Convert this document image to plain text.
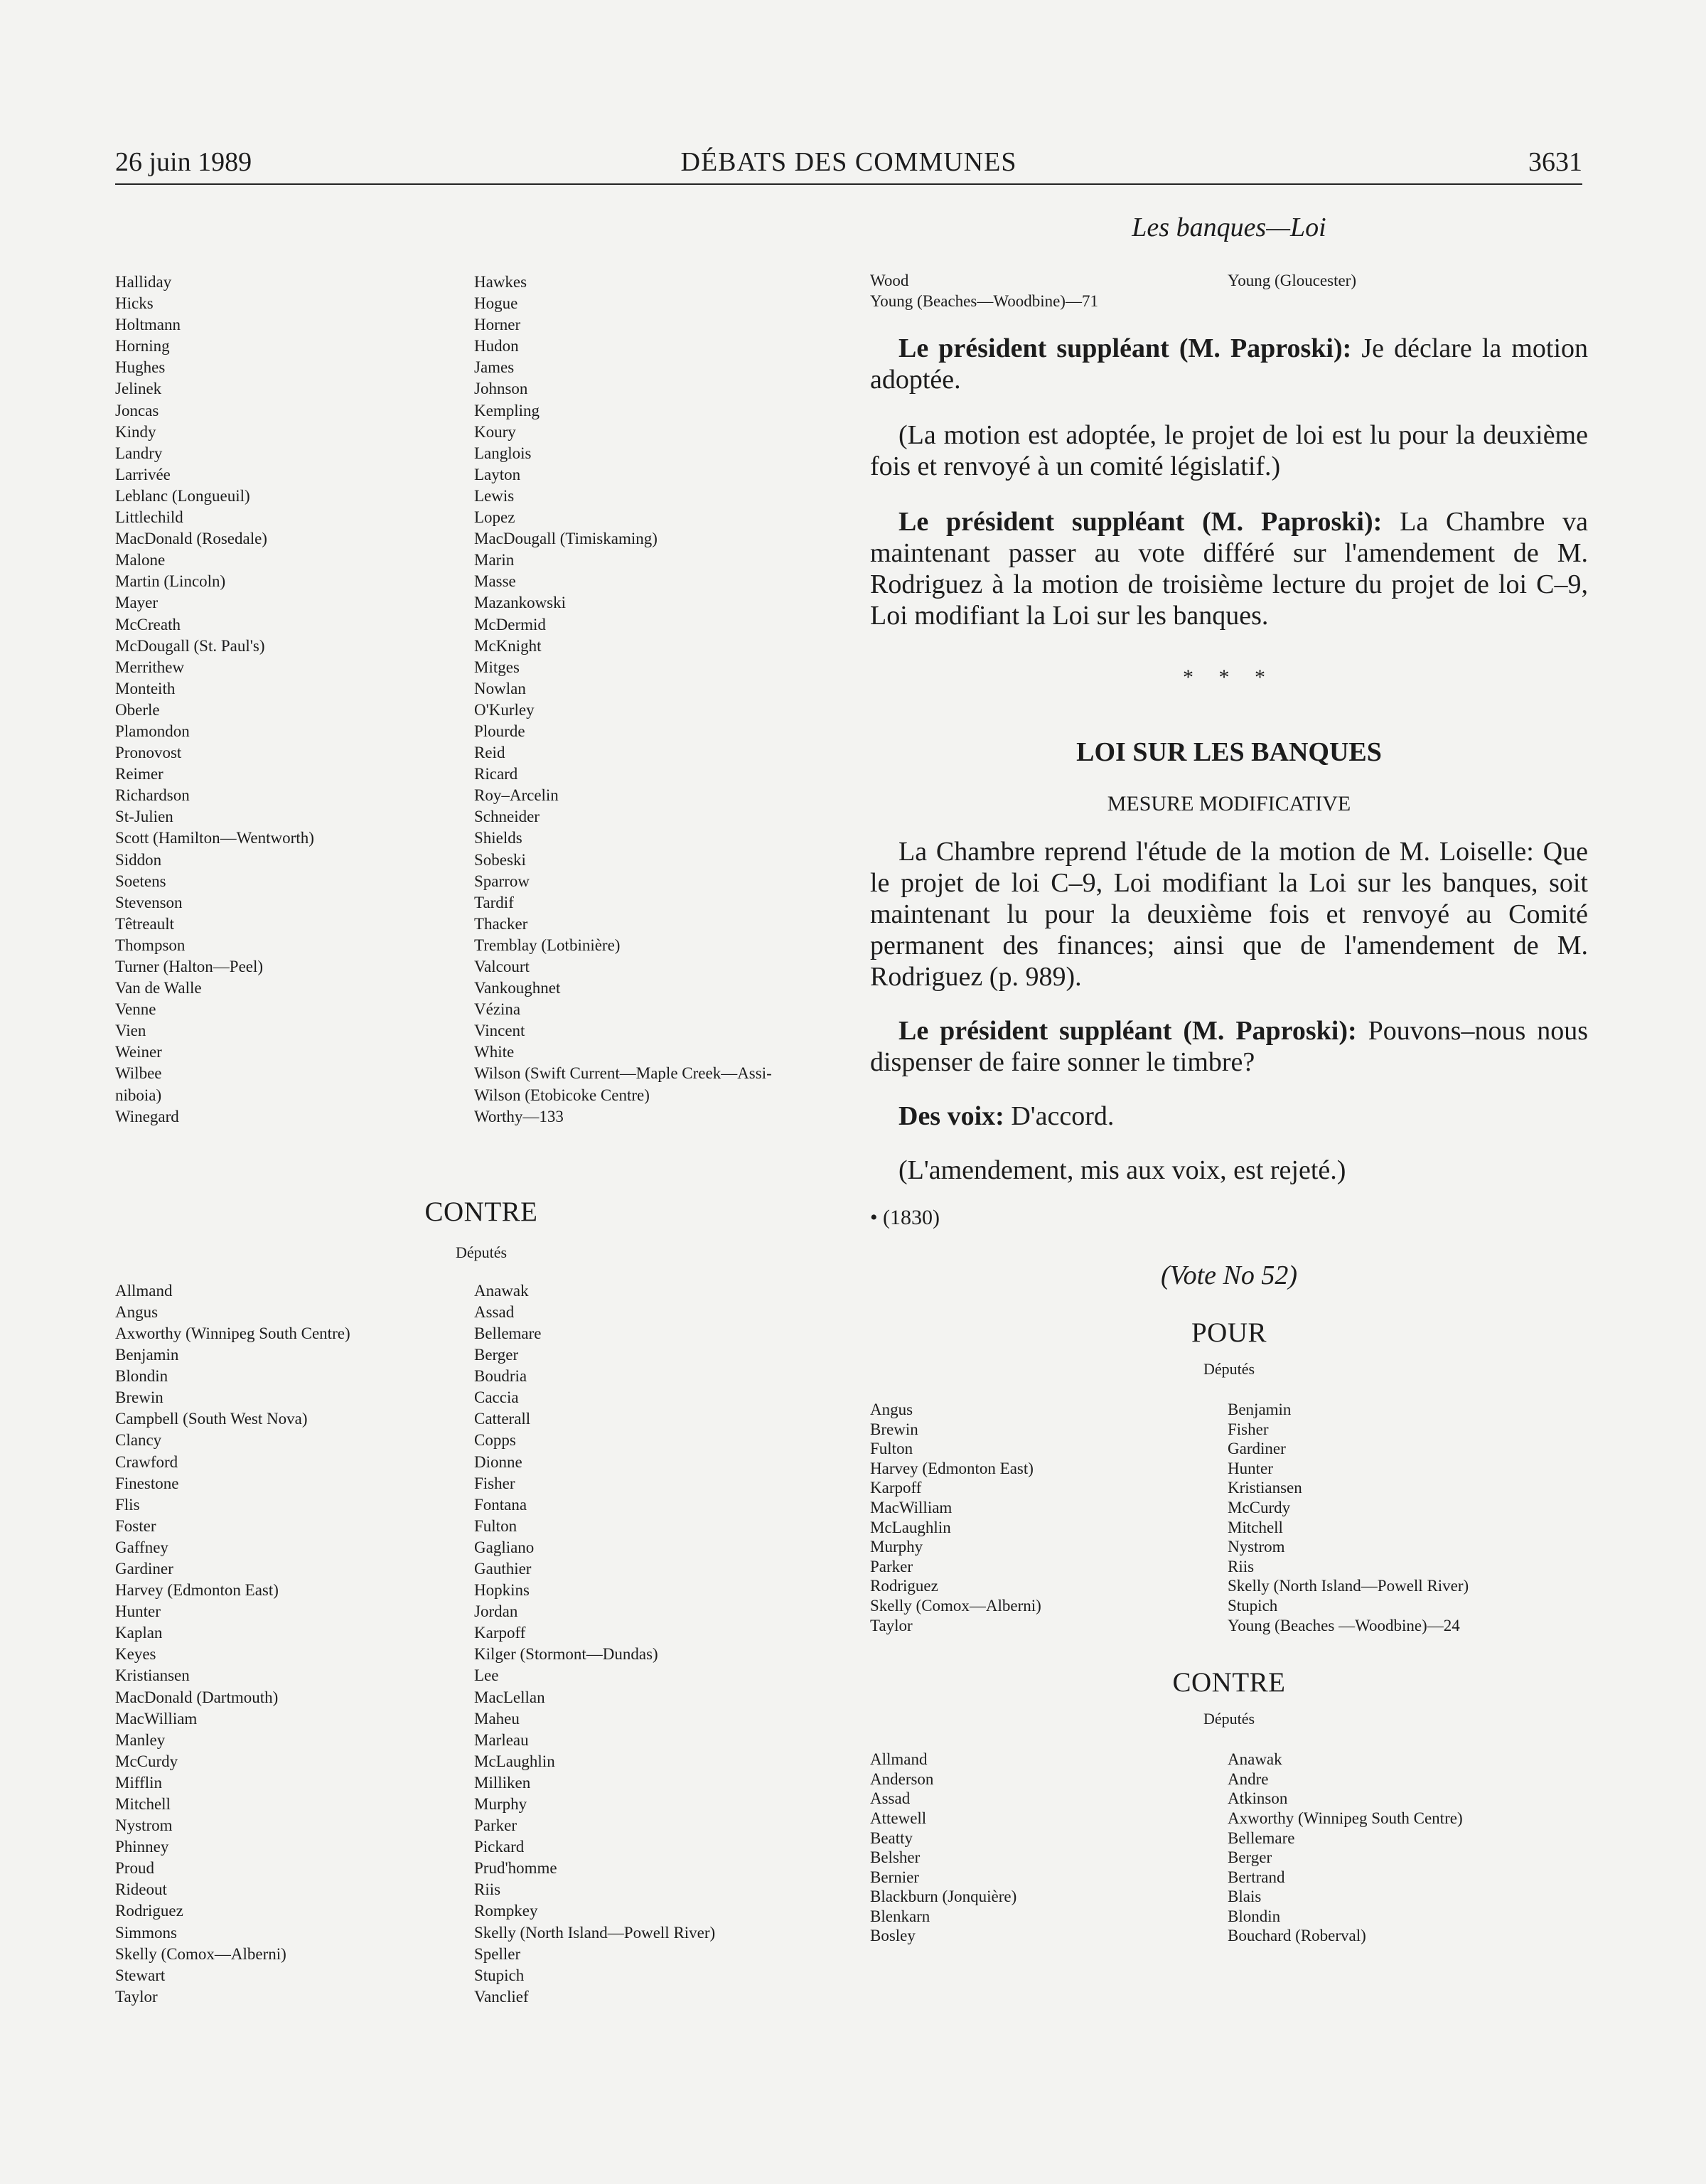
26 juin 1989	DÉBATS DES COMMUNES	3631
Halliday
Hicks
Holtmann
Horning
Hughes
Jelinek
Joncas
Kindy
Landry
Larrivée
Leblanc (Longueuil)
Littlechild
MacDonald (Rosedale)
Malone
Martin (Lincoln)
Mayer
McCreath
McDougall (St. Paul's)
Merrithew
Monteith
Oberle
Plamondon
Pronovost
Reimer
Richardson
St-Julien
Scott (Hamilton—Wentworth)
Siddon
Soetens
Stevenson
Têtreault
Thompson
Turner (Halton—Peel)
Van de Walle
Venne
Vien
Weiner
Wilbee
niboia)
Winegard
Hawkes
Hogue
Horner
Hudon
James
Johnson
Kempling
Koury
Langlois
Layton
Lewis
Lopez
MacDougall (Timiskaming)
Marin
Masse
Mazankowski
McDermid
McKnight
Mitges
Nowlan
O'Kurley
Plourde
Reid
Ricard
Roy–Arcelin
Schneider
Shields
Sobeski
Sparrow
Tardif
Thacker
Tremblay (Lotbinière)
Valcourt
Vankoughnet
Vézina
Vincent
White
Wilson (Swift Current—Maple Creek—Assi-
Wilson (Etobicoke Centre)
Worthy—133
CONTRE
Députés
Allmand
Angus
Axworthy (Winnipeg South Centre)
Benjamin
Blondin
Brewin
Campbell (South West Nova)
Clancy
Crawford
Finestone
Flis
Foster
Gaffney
Gardiner
Harvey (Edmonton East)
Hunter
Kaplan
Keyes
Kristiansen
MacDonald (Dartmouth)
MacWilliam
Manley
McCurdy
Mifflin
Mitchell
Nystrom
Phinney
Proud
Rideout
Rodriguez
Simmons
Skelly (Comox—Alberni)
Stewart
Taylor
Anawak
Assad
Bellemare
Berger
Boudria
Caccia
Catterall
Copps
Dionne
Fisher
Fontana
Fulton
Gagliano
Gauthier
Hopkins
Jordan
Karpoff
Kilger (Stormont—Dundas)
Lee
MacLellan
Maheu
Marleau
McLaughlin
Milliken
Murphy
Parker
Pickard
Prud'homme
Riis
Rompkey
Skelly (North Island—Powell River)
Speller
Stupich
Vanclief
Les banques—Loi
Wood
Young (Beaches—Woodbine)—71
Young (Gloucester)

Le président suppléant (M. Paproski): Je déclare la motion adoptée.

(La motion est adoptée, le projet de loi est lu pour la deuxième fois et renvoyé à un comité législatif.)

Le président suppléant (M. Paproski): La Chambre va maintenant passer au vote différé sur l'amendement de M. Rodriguez à la motion de troisième lecture du projet de loi C–9, Loi modifiant la Loi sur les banques.

* * *
LOI SUR LES BANQUES
MESURE MODIFICATIVE

La Chambre reprend l'étude de la motion de M. Loiselle: Que le projet de loi C–9, Loi modifiant la Loi sur les banques, soit maintenant lu pour la deuxième fois et renvoyé au Comité permanent des finances; ainsi que de l'amendement de M. Rodriguez (p. 989).

Le président suppléant (M. Paproski): Pouvons–nous nous dispenser de faire sonner le timbre?

Des voix: D'accord.

(L'amendement, mis aux voix, est rejeté.)

• (1830)
(Vote No 52)
POUR
Députés
Angus
Brewin
Fulton
Harvey (Edmonton East)
Karpoff
MacWilliam
McLaughlin
Murphy
Parker
Rodriguez
Skelly (Comox—Alberni)
Taylor
Benjamin
Fisher
Gardiner
Hunter
Kristiansen
McCurdy
Mitchell
Nystrom
Riis
Skelly (North Island—Powell River)
Stupich
Young (Beaches —Woodbine)—24
CONTRE
Députés
Allmand
Anderson
Assad
Attewell
Beatty
Belsher
Bernier
Blackburn (Jonquière)
Blenkarn
Bosley
Anawak
Andre
Atkinson
Axworthy (Winnipeg South Centre)
Bellemare
Berger
Bertrand
Blais
Blondin
Bouchard (Roberval)
